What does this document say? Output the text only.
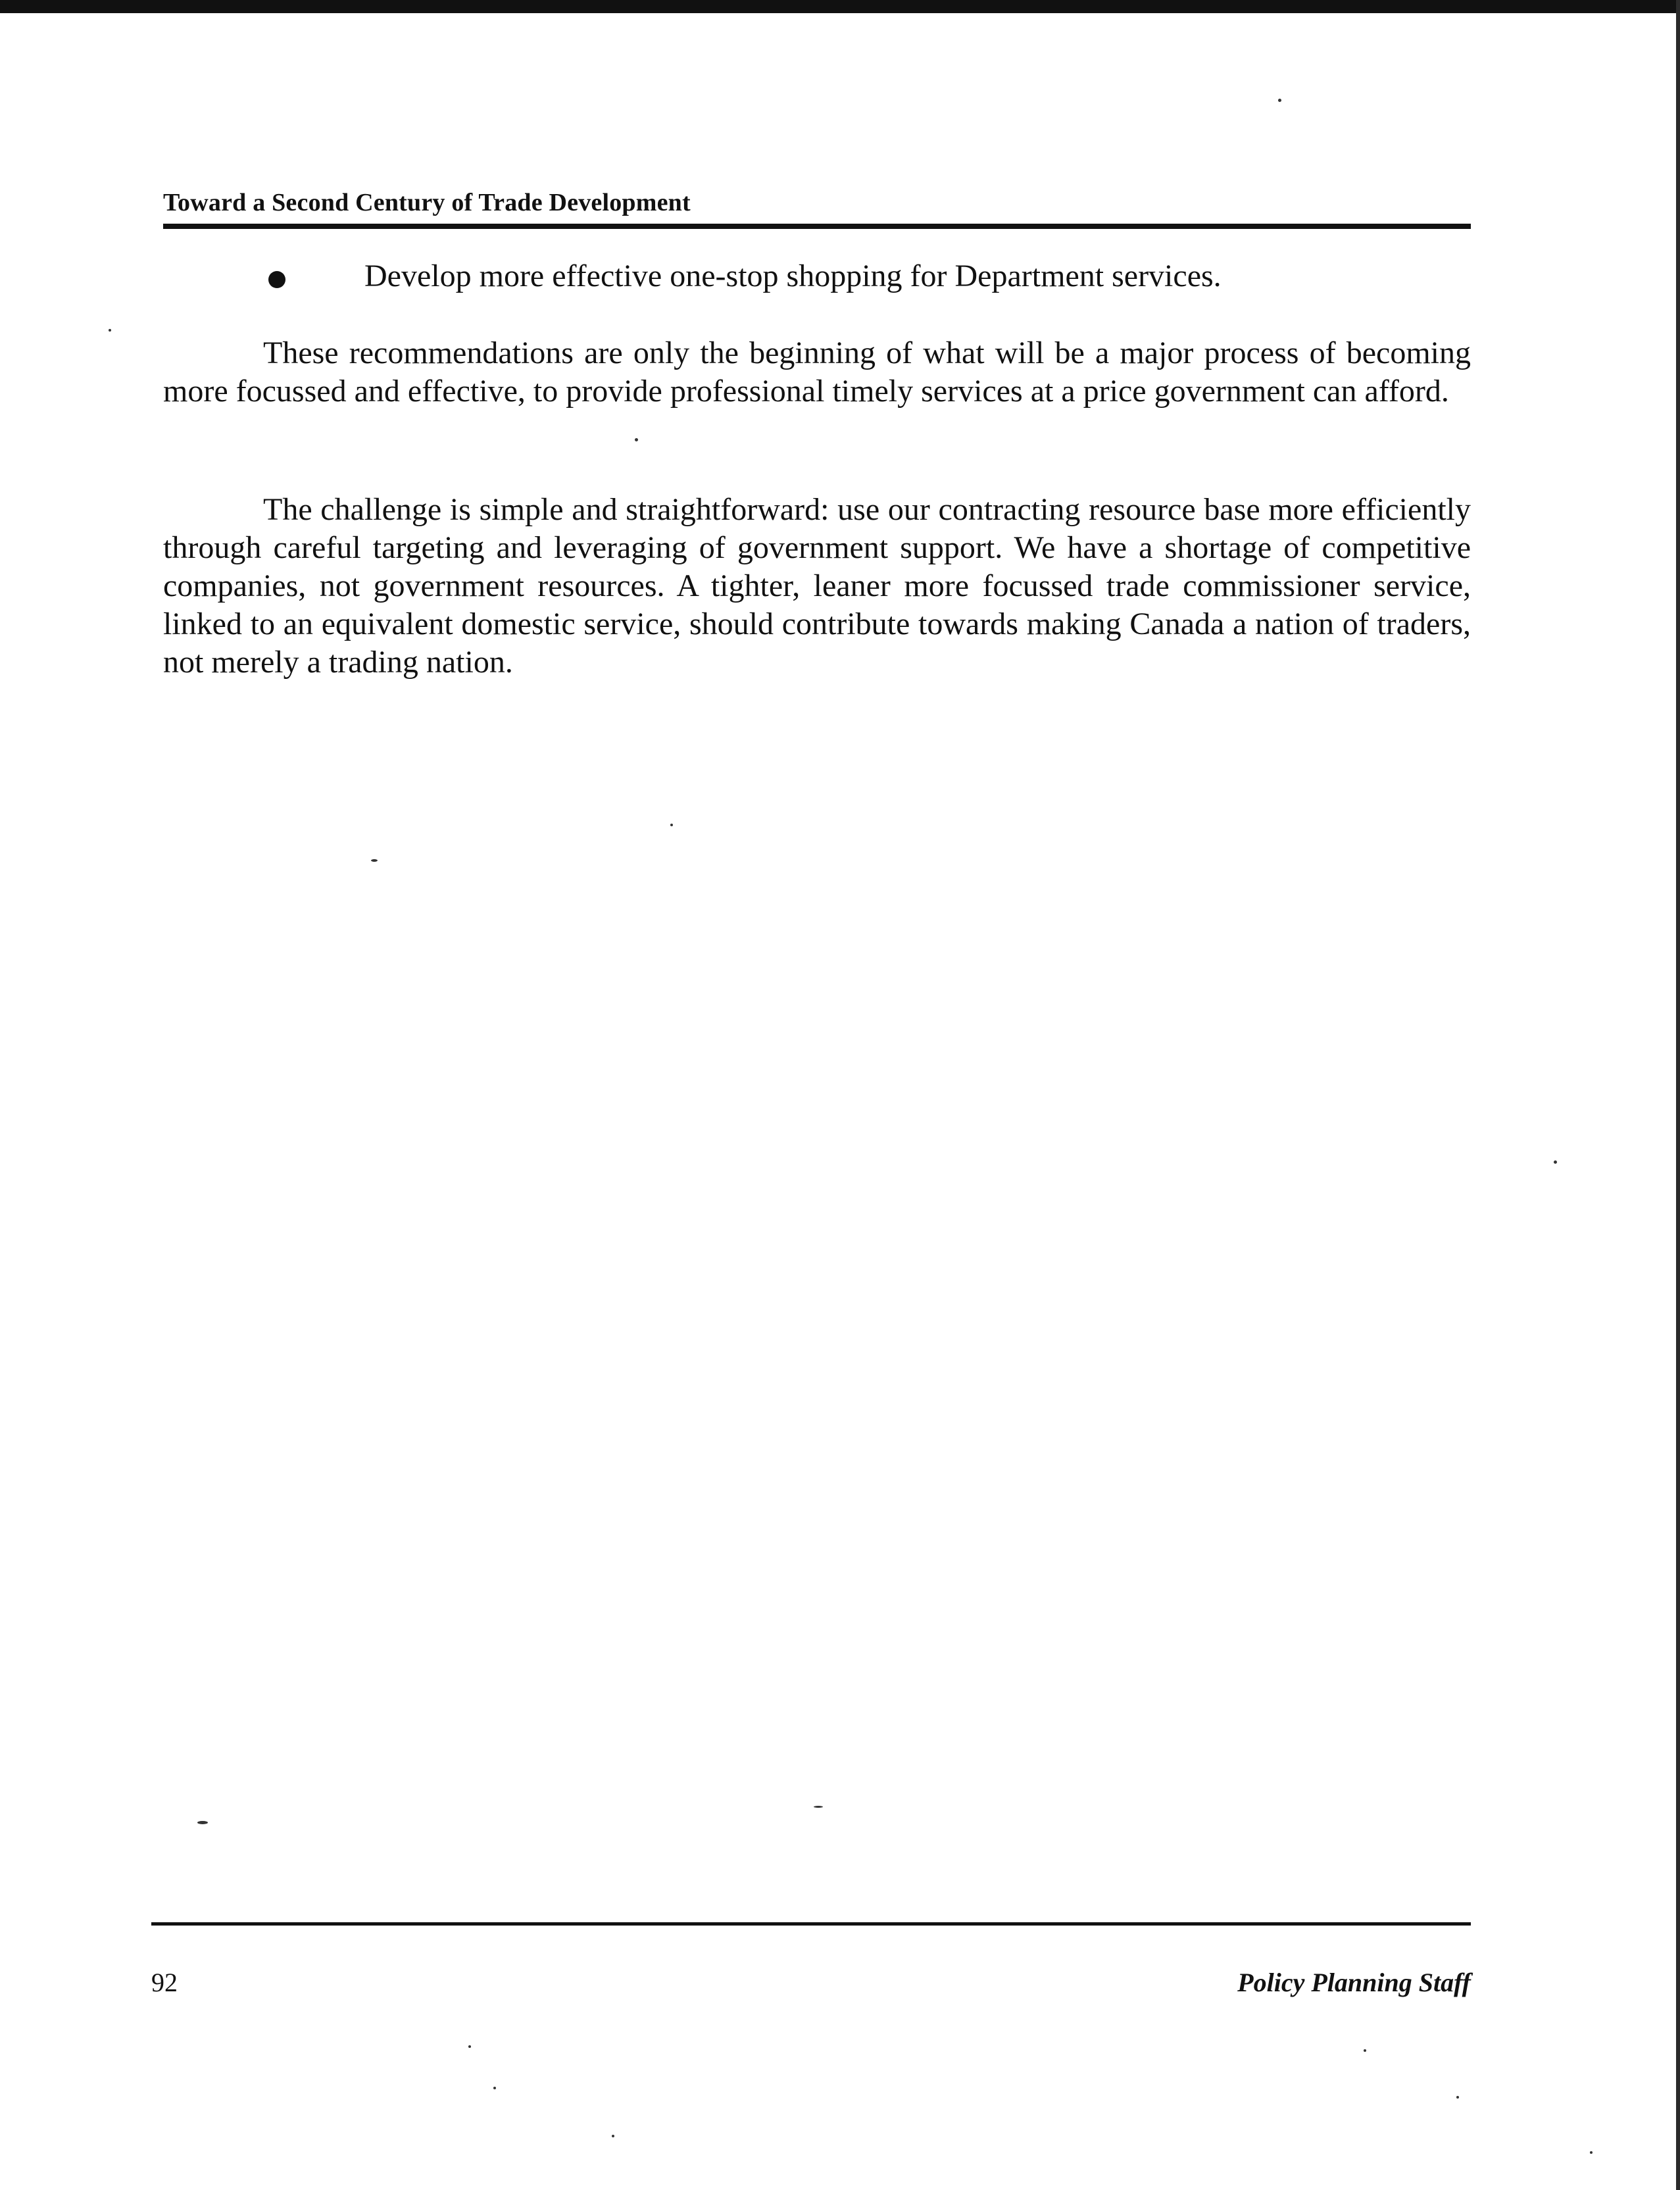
Toward a Second Century of Trade Development
Develop more effective one-stop shopping for Department services.

These recommendations are only the beginning of what will be a major process of becoming more focussed and effective, to provide professional timely services at a price government can afford.

The challenge is simple and straightforward: use our contracting resource base more efficiently through careful targeting and leveraging of government support. We have a shortage of competitive companies, not government resources. A tighter, leaner more focussed trade commissioner service, linked to an equivalent domestic service, should contribute towards making Canada a nation of traders, not merely a trading nation.

92	Policy Planning Staff
